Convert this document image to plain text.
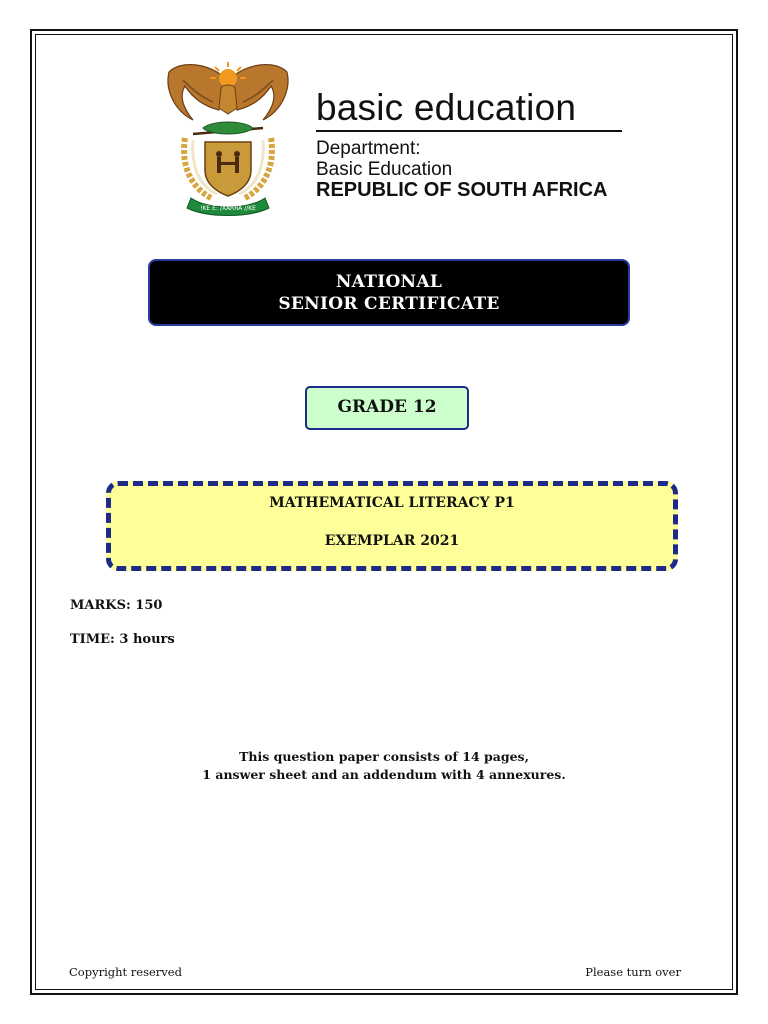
!KE E: /XARRA //KE
basic education
Department:
Basic Education
REPUBLIC OF SOUTH AFRICA
NATIONAL
SENIOR CERTIFICATE
GRADE 12
MATHEMATICAL LITERACY P1
EXEMPLAR 2021
MARKS: 150
TIME: 3 hours
This question paper consists of 14 pages,
1 answer sheet and an addendum with 4 annexures.
Copyright reserved	Please turn over
